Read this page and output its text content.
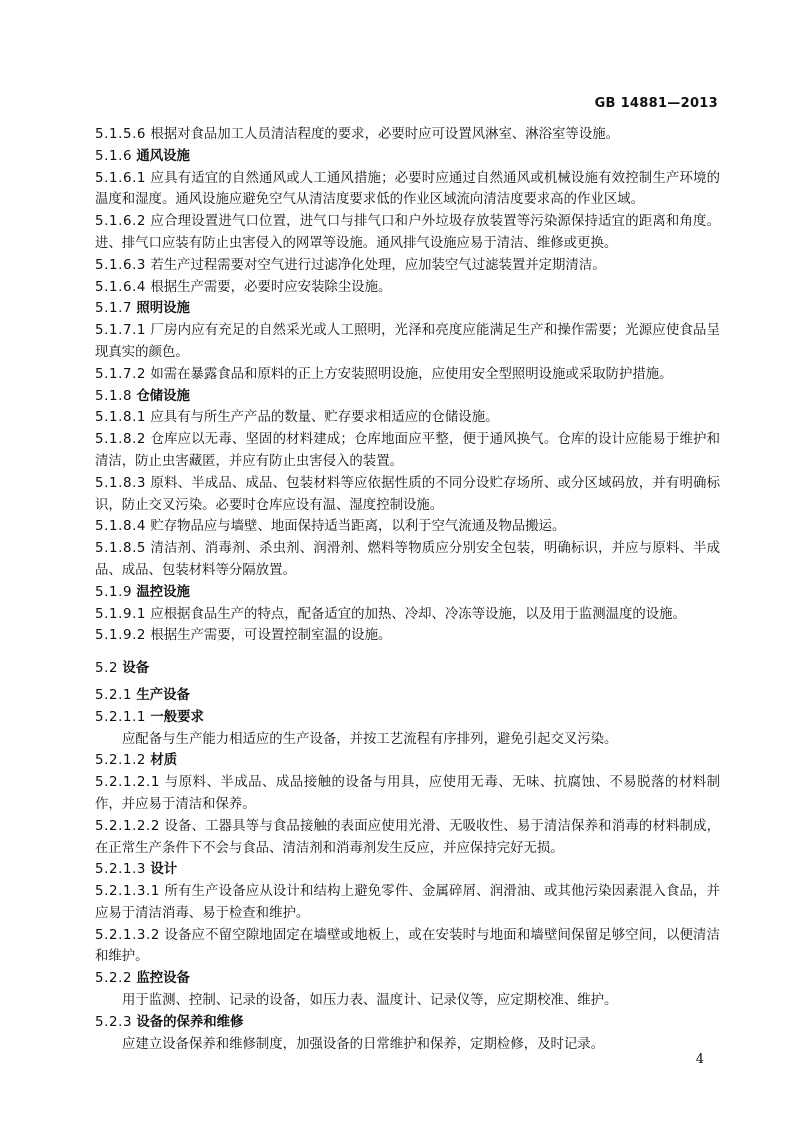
GB 14881—2013
5.1.5.6 根据对食品加工人员清洁程度的要求，必要时应可设置风淋室、淋浴室等设施。
5.1.6 通风设施
5.1.6.1 应具有适宜的自然通风或人工通风措施；必要时应通过自然通风或机械设施有效控制生产环境的温度和湿度。通风设施应避免空气从清洁度要求低的作业区域流向清洁度要求高的作业区域。
5.1.6.2 应合理设置进气口位置，进气口与排气口和户外垃圾存放装置等污染源保持适宜的距离和角度。进、排气口应装有防止虫害侵入的网罩等设施。通风排气设施应易于清洁、维修或更换。
5.1.6.3 若生产过程需要对空气进行过滤净化处理，应加装空气过滤装置并定期清洁。
5.1.6.4 根据生产需要，必要时应安装除尘设施。
5.1.7 照明设施
5.1.7.1 厂房内应有充足的自然采光或人工照明，光泽和亮度应能满足生产和操作需要；光源应使食品呈现真实的颜色。
5.1.7.2 如需在暴露食品和原料的正上方安装照明设施，应使用安全型照明设施或采取防护措施。
5.1.8 仓储设施
5.1.8.1 应具有与所生产产品的数量、贮存要求相适应的仓储设施。
5.1.8.2 仓库应以无毒、坚固的材料建成；仓库地面应平整，便于通风换气。仓库的设计应能易于维护和清洁，防止虫害藏匿，并应有防止虫害侵入的装置。
5.1.8.3 原料、半成品、成品、包装材料等应依据性质的不同分设贮存场所、或分区域码放，并有明确标识，防止交叉污染。必要时仓库应设有温、湿度控制设施。
5.1.8.4 贮存物品应与墙壁、地面保持适当距离，以利于空气流通及物品搬运。
5.1.8.5 清洁剂、消毒剂、杀虫剂、润滑剂、燃料等物质应分别安全包装，明确标识，并应与原料、半成品、成品、包装材料等分隔放置。
5.1.9 温控设施
5.1.9.1 应根据食品生产的特点，配备适宜的加热、冷却、冷冻等设施，以及用于监测温度的设施。
5.1.9.2 根据生产需要，可设置控制室温的设施。
5.2 设备
5.2.1 生产设备
5.2.1.1 一般要求
应配备与生产能力相适应的生产设备，并按工艺流程有序排列，避免引起交叉污染。
5.2.1.2 材质
5.2.1.2.1 与原料、半成品、成品接触的设备与用具，应使用无毒、无味、抗腐蚀、不易脱落的材料制作，并应易于清洁和保养。
5.2.1.2.2 设备、工器具等与食品接触的表面应使用光滑、无吸收性、易于清洁保养和消毒的材料制成，在正常生产条件下不会与食品、清洁剂和消毒剂发生反应，并应保持完好无损。
5.2.1.3 设计
5.2.1.3.1 所有生产设备应从设计和结构上避免零件、金属碎屑、润滑油、或其他污染因素混入食品，并应易于清洁消毒、易于检查和维护。
5.2.1.3.2 设备应不留空隙地固定在墙壁或地板上，或在安装时与地面和墙壁间保留足够空间，以便清洁和维护。
5.2.2 监控设备
用于监测、控制、记录的设备，如压力表、温度计、记录仪等，应定期校准、维护。
5.2.3 设备的保养和维修
应建立设备保养和维修制度，加强设备的日常维护和保养，定期检修，及时记录。
4
